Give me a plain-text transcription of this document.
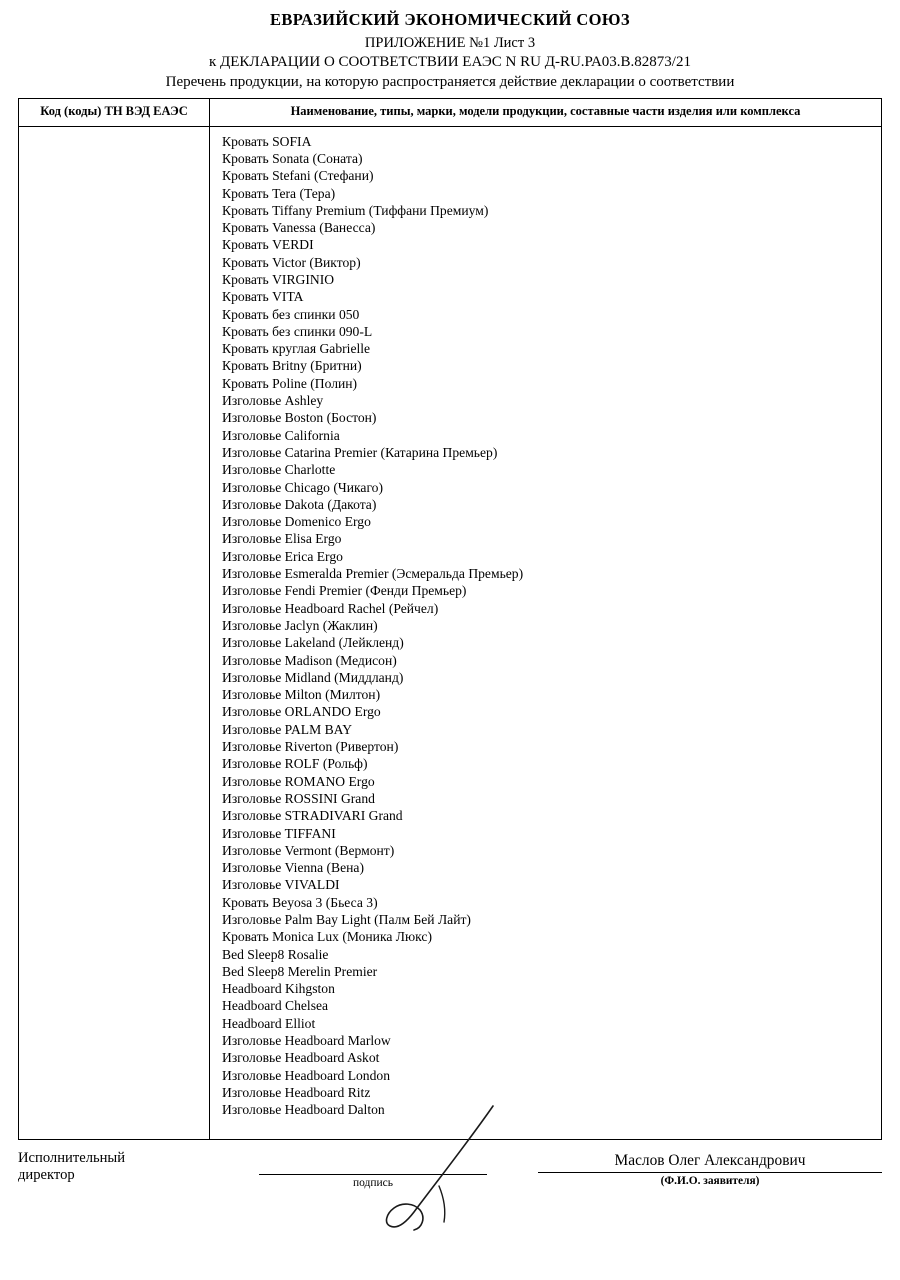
ЕВРАЗИЙСКИЙ ЭКОНОМИЧЕСКИЙ СОЮЗ
ПРИЛОЖЕНИЕ №1 Лист 3
к ДЕКЛАРАЦИИ О СООТВЕТСТВИИ ЕАЭС N RU Д-RU.РА03.В.82873/21
Перечень продукции, на которую распространяется действие декларации о соответствии
Код (коды) ТН ВЭД ЕАЭС	Наименование, типы, марки, модели продукции, составные части изделия или комплекса

Кровать SOFIA
Кровать Sonata (Соната)
Кровать Stefani (Стефани)
Кровать Tera (Тера)
Кровать Tiffany Premium (Тиффани Премиум)
Кровать Vanessa (Ванесса)
Кровать VERDI
Кровать Victor (Виктор)
Кровать VIRGINIO
Кровать VITA
Кровать без спинки 050
Кровать без спинки 090-L
Кровать круглая Gabrielle
Кровать Britny (Бритни)
Кровать Poline (Полин)
Изголовье Ashley
Изголовье Boston (Бостон)
Изголовье California
Изголовье Catarina Premier (Катарина Премьер)
Изголовье Charlotte
Изголовье Chicago (Чикаго)
Изголовье Dakota (Дакота)
Изголовье Domenico Ergo
Изголовье Elisa Ergo
Изголовье Erica Ergo
Изголовье Esmeralda Premier (Эсмеральда Премьер)
Изголовье Fendi Premier (Фенди Премьер)
Изголовье Headboard Rachel (Рейчел)
Изголовье Jaclyn (Жаклин)
Изголовье Lakeland (Лейкленд)
Изголовье Madison (Медисон)
Изголовье Midland (Миддланд)
Изголовье Milton (Милтон)
Изголовье ORLANDO Ergo
Изголовье PALM BAY
Изголовье Riverton (Ривертон)
Изголовье ROLF (Рольф)
Изголовье ROMANO Ergo
Изголовье ROSSINI Grand
Изголовье STRADIVARI Grand
Изголовье TIFFANI
Изголовье Vermont (Вермонт)
Изголовье Vienna (Вена)
Изголовье VIVALDI
Кровать Beyosa 3 (Бьеса 3)
Изголовье Palm Bay Light (Палм Бей Лайт)
Кровать Monica Lux (Моника Люкс)
Bed Sleep8 Rosalie
Bed Sleep8 Merelin Premier
Headboard Kihgston
Headboard Chelsea
Headboard Elliot
Изголовье Headboard Marlow
Изголовье Headboard Askot
Изголовье Headboard London
Изголовье Headboard Ritz
Изголовье Headboard Dalton
Исполнительный
директор	подпись
Маслов Олег Александрович
(Ф.И.О. заявителя)
